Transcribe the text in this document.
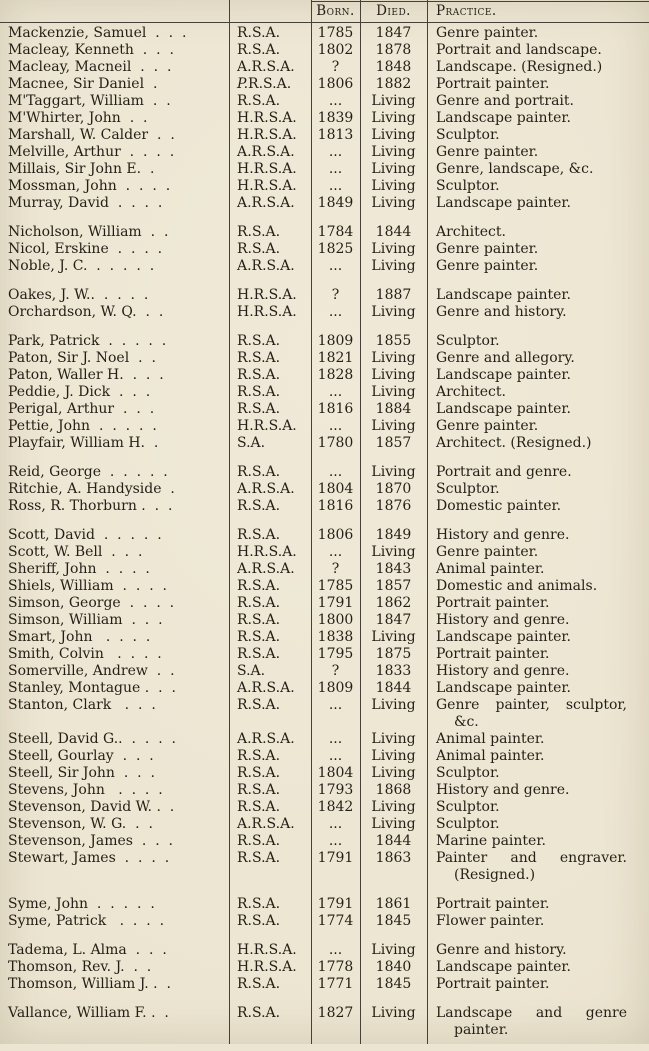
Born.	Died.	Practice.
Mackenzie, Samuel  .  .  .	R.S.A.	1785	1847	Genre painter.
Macleay, Kenneth  .  .  .	R.S.A.	1802	1878	Portrait and landscape.
Macleay, Macneil  .  .  .	A.R.S.A.	?	1848	Landscape. (Resigned.)
Macnee, Sir Daniel  .	P.R.S.A.	1806	1882	Portrait painter.
M'Taggart, William  .  .	R.S.A.	...	Living	Genre and portrait.
M'Whirter, John  .  .	H.R.S.A.	1839	Living	Landscape painter.
Marshall, W. Calder  .  .	H.R.S.A.	1813	Living	Sculptor.
Melville, Arthur  .  .  .  .	A.R.S.A.	...	Living	Genre painter.
Millais, Sir John E.  .	H.R.S.A.	...	Living	Genre, landscape, &c.
Mossman, John  .  .  .  .	H.R.S.A.	...	Living	Sculptor.
Murray, David  .  .  .  .	A.R.S.A.	1849	Living	Landscape painter.
Nicholson, William  .  .	R.S.A.	1784	1844	Architect.
Nicol, Erskine  .  .  .  .	R.S.A.	1825	Living	Genre painter.
Noble, J. C.  .  .  .  .  .	A.R.S.A.	...	Living	Genre painter.
Oakes, J. W..  .  .  .  .	H.R.S.A.	?	1887	Landscape painter.
Orchardson, W. Q.  .  .	H.R.S.A.	...	Living	Genre and history.
Park, Patrick  .  .  .  .  .	R.S.A.	1809	1855	Sculptor.
Paton, Sir J. Noel  .  .	R.S.A.	1821	Living	Genre and allegory.
Paton, Waller H.  .  .  .	R.S.A.	1828	Living	Landscape painter.
Peddie, J. Dick  .  .  .	R.S.A.	...	Living	Architect.
Perigal, Arthur  .  .  .	R.S.A.	1816	1884	Landscape painter.
Pettie, John  .  .  .  .  .	H.R.S.A.	...	Living	Genre painter.
Playfair, William H.  .	S.A.	1780	1857	Architect. (Resigned.)
Reid, George  .  .  .  .  .	R.S.A.	...	Living	Portrait and genre.
Ritchie, A. Handyside  .	A.R.S.A.	1804	1870	Sculptor.
Ross, R. Thorburn .  .  .	R.S.A.	1816	1876	Domestic painter.
Scott, David  .  .  .  .  .	R.S.A.	1806	1849	History and genre.
Scott, W. Bell  .  .  .	H.R.S.A.	...	Living	Genre painter.
Sheriff, John  .  .  .  .	A.R.S.A.	?	1843	Animal painter.
Shiels, William  .  .  .  .	R.S.A.	1785	1857	Domestic and animals.
Simson, George  .  .  .  .	R.S.A.	1791	1862	Portrait painter.
Simson, William  .  .  .	R.S.A.	1800	1847	History and genre.
Smart, John   .  .  .  .	R.S.A.	1838	Living	Landscape painter.
Smith, Colvin   .  .  .  .	R.S.A.	1795	1875	Portrait painter.
Somerville, Andrew  .  .	S.A.	?	1833	History and genre.
Stanley, Montague .  .  .	A.R.S.A.	1809	1844	Landscape painter.
Stanton, Clark   .  .  .	R.S.A.	...	Living	Genre painter, sculptor, &c.
Steell, David G..  .  .  .  .	A.R.S.A.	...	Living	Animal painter.
Steell, Gourlay  .  .  .	R.S.A.	...	Living	Animal painter.
Steell, Sir John  .  .  .	R.S.A.	1804	Living	Sculptor.
Stevens, John   .  .  .  .	R.S.A.	1793	1868	History and genre.
Stevenson, David W. .  .	R.S.A.	1842	Living	Sculptor.
Stevenson, W. G.  .  .	A.R.S.A.	...	Living	Sculptor.
Stevenson, James  .  .  .	R.S.A.	...	1844	Marine painter.
Stewart, James  .  .  .  .	R.S.A.	1791	1863	Painter and engraver. (Resigned.)
Syme, John  .  .  .  .  .	R.S.A.	1791	1861	Portrait painter.
Syme, Patrick   .  .  .  .	R.S.A.	1774	1845	Flower painter.
Tadema, L. Alma  .  .  .	H.R.S.A.	...	Living	Genre and history.
Thomson, Rev. J.  .  .	H.R.S.A.	1778	1840	Landscape painter.
Thomson, William J. .  .	R.S.A.	1771	1845	Portrait painter.
Vallance, William F. .  .	R.S.A.	1827	Living	Landscape and genre painter.
